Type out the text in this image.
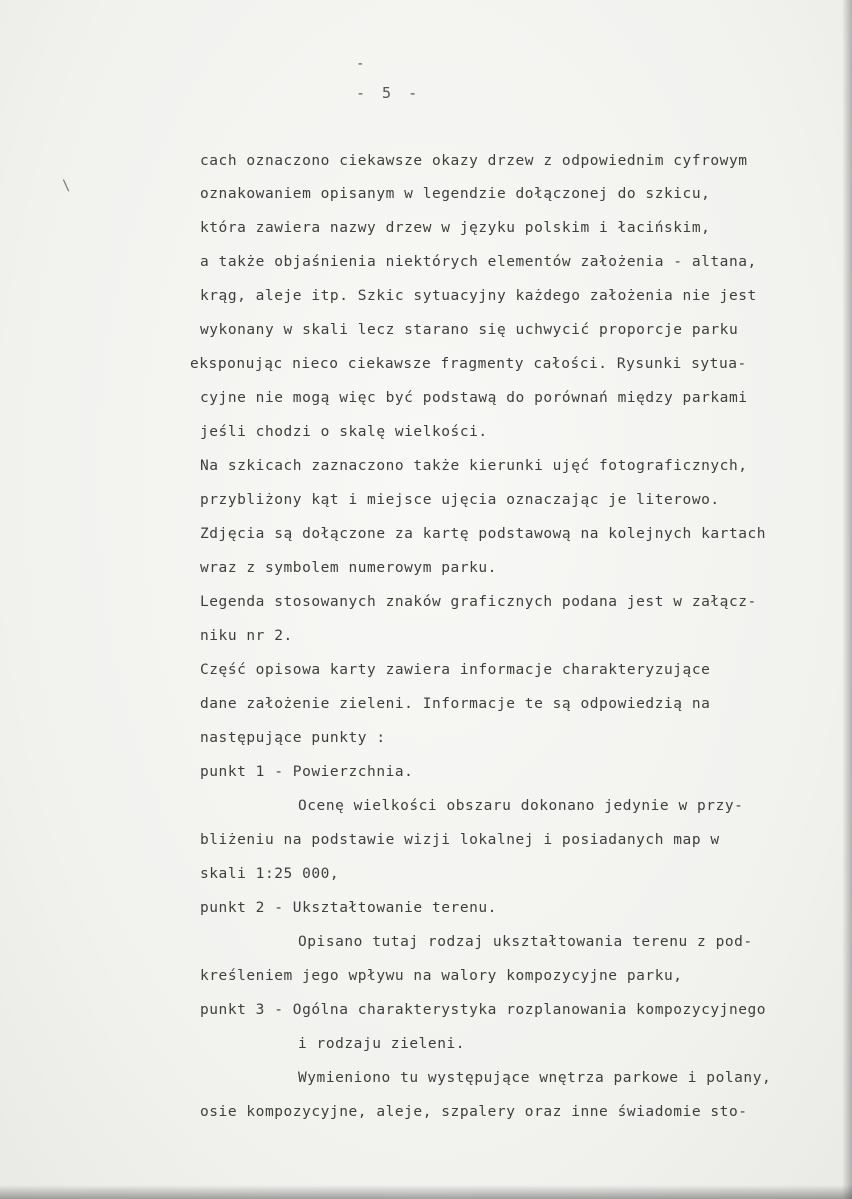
-
- 5 -
\
cach oznaczono ciekawsze okazy drzew z odpowiednim cyfrowym
oznakowaniem opisanym w legendzie dołączonej do szkicu,
która zawiera nazwy drzew w języku polskim i łacińskim,
a także objaśnienia niektórych elementów założenia - altana,
krąg, aleje itp. Szkic sytuacyjny każdego założenia nie jest
wykonany w skali lecz starano się uchwycić proporcje parku
eksponując nieco ciekawsze fragmenty całości. Rysunki sytua-
cyjne nie mogą więc być podstawą do porównań między parkami
jeśli chodzi o skalę wielkości.
Na szkicach zaznaczono także kierunki ujęć fotograficznych,
przybliżony kąt i miejsce ujęcia oznaczając je literowo.
Zdjęcia są dołączone za kartę podstawową na kolejnych kartach
wraz z symbolem numerowym parku.
Legenda stosowanych znaków graficznych podana jest w załącz-
niku nr 2.
Część opisowa karty zawiera informacje charakteryzujące
dane założenie zieleni. Informacje te są odpowiedzią na
następujące punkty :
punkt 1 - Powierzchnia.
Ocenę wielkości obszaru dokonano jedynie w przy-
bliżeniu na podstawie wizji lokalnej i posiadanych map w
skali 1:25 000,
punkt 2 - Ukształtowanie terenu.
Opisano tutaj rodzaj ukształtowania terenu z pod-
kreśleniem jego wpływu na walory kompozycyjne parku,
punkt 3 - Ogólna charakterystyka rozplanowania kompozycyjnego
i rodzaju zieleni.
Wymieniono tu występujące wnętrza parkowe i polany,
osie kompozycyjne, aleje, szpalery oraz inne świadomie sto-
